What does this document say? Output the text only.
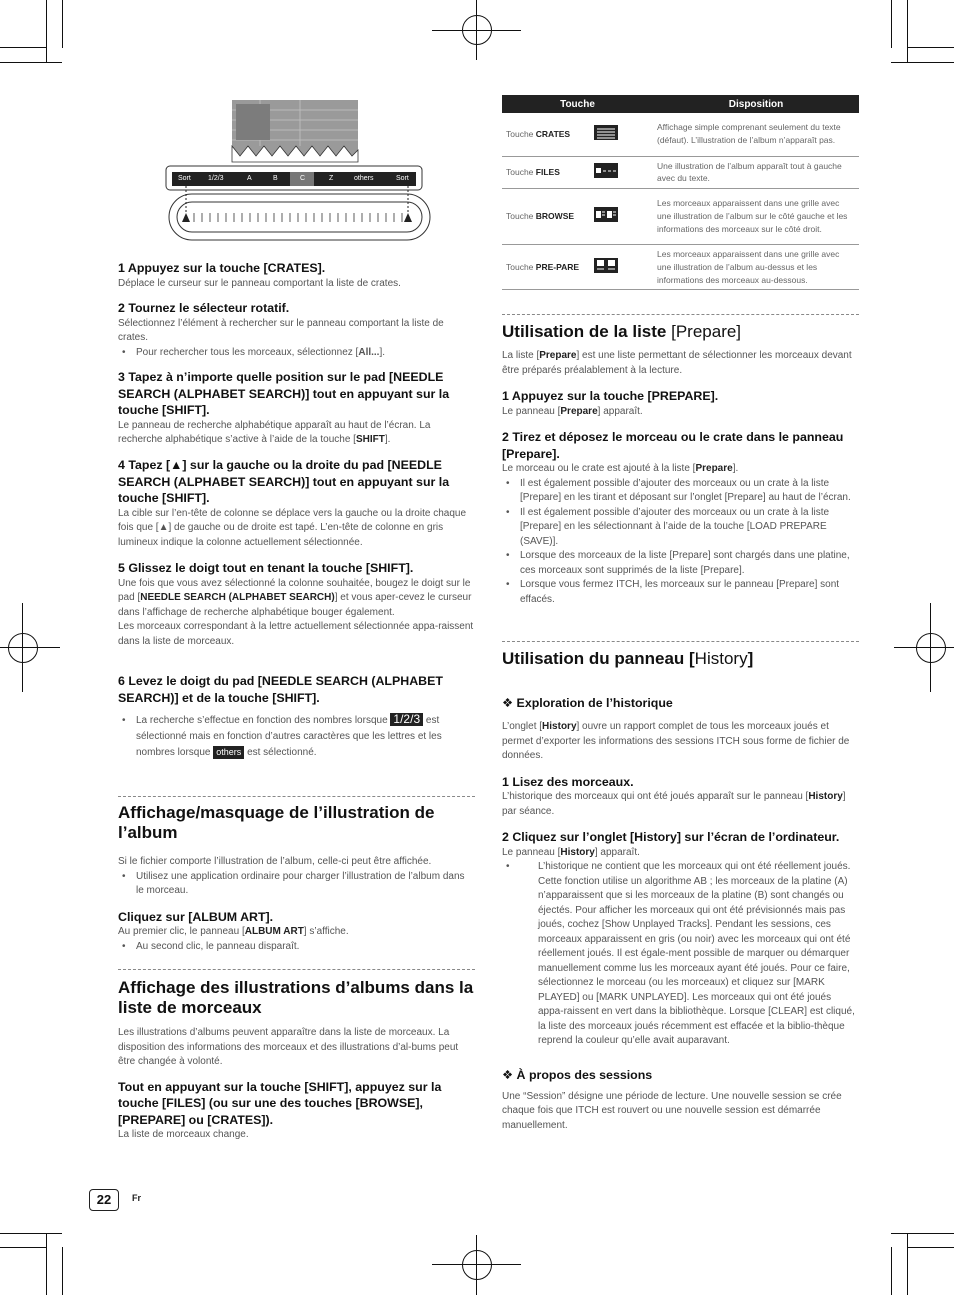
Sort 1/2/3	A	B	C	Z	others	Sort
1 Appuyez sur la touche [CRATES].
Déplace le curseur sur le panneau comportant la liste de crates.
2 Tournez le sélecteur rotatif.
Sélectionnez l’élément à rechercher sur le panneau comportant la liste de crates.
• Pour rechercher tous les morceaux, sélectionnez [All...].
3 Tapez à n’importe quelle position sur le pad [NEEDLE SEARCH (ALPHABET SEARCH)] tout en appuyant sur la touche [SHIFT].
Le panneau de recherche alphabétique apparaît au haut de l’écran. La recherche alphabétique s’active à l’aide de la touche [SHIFT].
4 Tapez [▲] sur la gauche ou la droite du pad [NEEDLE SEARCH (ALPHABET SEARCH)] tout en appuyant sur la touche [SHIFT].
La cible sur l’en-tête de colonne se déplace vers la gauche ou la droite chaque fois que [▲] de gauche ou de droite est tapé. L’en-tête de colonne en gris lumineux indique la colonne actuellement sélectionnée.
5 Glissez le doigt tout en tenant la touche [SHIFT].
Une fois que vous avez sélectionné la colonne souhaitée, bougez le doigt sur le pad [NEEDLE SEARCH (ALPHABET SEARCH)] et vous aper-cevez le curseur dans l’affichage de recherche alphabétique bouger également.
Les morceaux correspondant à la lettre actuellement sélectionnée appa-raissent dans la liste de morceaux.
6 Levez le doigt du pad [NEEDLE SEARCH (ALPHABET SEARCH)] et de la touche [SHIFT].
• La recherche s’effectue en fonction des nombres lorsque 1/2/3 est sélectionné mais en fonction d’autres caractères que les lettres et les nombres lorsque others est sélectionné.
Affichage/masquage de l’illustration de l’album
Si le fichier comporte l’illustration de l’album, celle-ci peut être affichée.
• Utilisez une application ordinaire pour charger l’illustration de l’album dans le morceau.
Cliquez sur [ALBUM ART].
Au premier clic, le panneau [ALBUM ART] s’affiche.
• Au second clic, le panneau disparaît.
Affichage des illustrations d’albums dans la liste de morceaux
Les illustrations d’albums peuvent apparaître dans la liste de morceaux. La disposition des informations des morceaux et des illustrations d’al-bums peut être changée à volonté.
Tout en appuyant sur la touche [SHIFT], appuyez sur la touche [FILES] (ou sur une des touches [BROWSE], [PREPARE] ou [CRATES]).
La liste de morceaux change.
Touche		Disposition
Touche CRATES		Affichage simple comprenant seulement du texte (défaut). L’illustration de l’album n’apparaît pas.
Touche FILES		Une illustration de l’album apparaît tout à gauche avec du texte.
Touche BROWSE		Les morceaux apparaissent dans une grille avec une illustration de l’album sur le côté gauche et les informations des morceaux sur le côté droit.
Touche PRE-PARE		Les morceaux apparaissent dans une grille avec une illustration de l’album au-dessus et les informations des morceaux au-dessous.
Utilisation de la liste [Prepare]
La liste [Prepare] est une liste permettant de sélectionner les morceaux devant être préparés préalablement à la lecture.
1 Appuyez sur la touche [PREPARE].
Le panneau [Prepare] apparaît.
2 Tirez et déposez le morceau ou le crate dans le panneau [Prepare].
Le morceau ou le crate est ajouté à la liste [Prepare].
• Il est également possible d’ajouter des morceaux ou un crate à la liste [Prepare] en les tirant et déposant sur l’onglet [Prepare] au haut de l’écran.
• Il est également possible d’ajouter des morceaux ou un crate à la liste [Prepare] en les sélectionnant à l’aide de la touche [LOAD PREPARE (SAVE)].
• Lorsque des morceaux de la liste [Prepare] sont chargés dans une platine, ces morceaux sont supprimés de la liste [Prepare].
• Lorsque vous fermez ITCH, les morceaux sur le panneau [Prepare] sont effacés.
Utilisation du panneau [History]
❖ Exploration de l’historique
L’onglet [History] ouvre un rapport complet de tous les morceaux joués et permet d’exporter les informations des sessions ITCH sous forme de fichier de données.
1 Lisez des morceaux.
L’historique des morceaux qui ont été joués apparaît sur le panneau [History] par séance.
2 Cliquez sur l’onglet [History] sur l’écran de l’ordinateur.
Le panneau [History] apparaît.
• L’historique ne contient que les morceaux qui ont été réellement joués. Cette fonction utilise un algorithme AB ; les morceaux de la platine (A) n’apparaissent que si les morceaux de la platine (B) sont changés ou éjectés. Pour afficher les morceaux qui ont été prévisionnés mais pas joués, cochez [Show Unplayed Tracks]. Pendant les sessions, ces morceaux apparaissent en gris (ou noir) avec les morceaux qui ont été réellement joués. Il est égale-ment possible de marquer ou démarquer manuellement comme lus les morceaux ayant été joués. Pour ce faire, sélectionnez le morceau (ou les morceaux) et cliquez sur [MARK PLAYED] ou [MARK UNPLAYED]. Les morceaux qui ont été joués appa-raissent en vert dans la bibliothèque. Lorsque [CLEAR] est cliqué, la liste des morceaux joués récemment est effacée et la biblio-thèque reprend la couleur qu’elle avait auparavant.
❖ À propos des sessions
Une “Session” désigne une période de lecture. Une nouvelle session se crée chaque fois que ITCH est rouvert ou une nouvelle session est démarrée manuellement.
22	Fr
